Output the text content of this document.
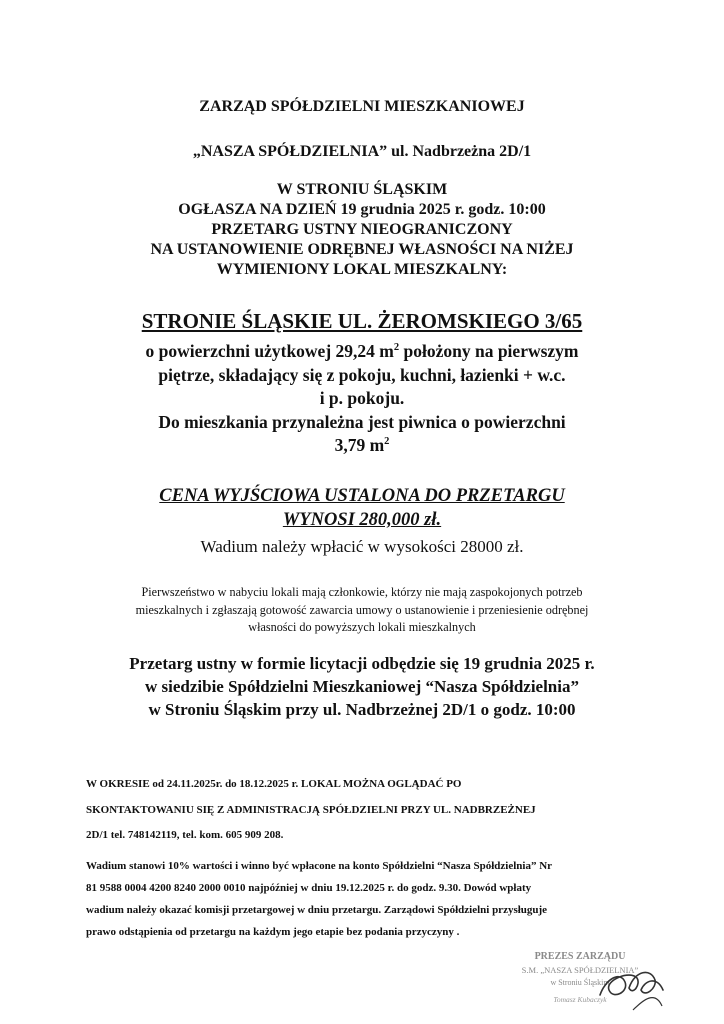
ZARZĄD SPÓŁDZIELNI MIESZKANIOWEJ
„NASZA SPÓŁDZIELNIA” ul. Nadbrzeżna 2D/1
W STRONIU ŚLĄSKIM
OGŁASZA NA DZIEŃ 19 grudnia 2025 r. godz. 10:00
PRZETARG USTNY NIEOGRANICZONY
NA USTANOWIENIE ODRĘBNEJ WŁASNOŚCI NA NIŻEJ
WYMIENIONY LOKAL MIESZKALNY:
STRONIE ŚLĄSKIE UL. ŻEROMSKIEGO 3/65
o powierzchni użytkowej 29,24 $m^2$ położony na pierwszym
piętrze, składający się z pokoju, kuchni, łazienki + w.c.
i p. pokoju.
Do mieszkania przynależna jest piwnica o powierzchni
3,79 $m^2$
CENA WYJŚCIOWA USTALONA DO PRZETARGU
WYNOSI 280,000 zł.
Wadium należy wpłacić w wysokości 28000 zł.
Pierwszeństwo w nabyciu lokali mają członkowie, którzy nie mają zaspokojonych potrzeb
mieszkalnych i zgłaszają gotowość zawarcia umowy o ustanowienie i przeniesienie odrębnej
własności do powyższych lokali mieszkalnych
Przetarg ustny w formie licytacji odbędzie się 19 grudnia 2025 r.
w siedzibie Spółdzielni Mieszkaniowej “Nasza Spółdzielnia”
w Stroniu Śląskim przy ul. Nadbrzeżnej 2D/1 o godz. 10:00
W OKRESIE od 24.11.2025r. do 18.12.2025 r. LOKAL MOŻNA OGLĄDAĆ PO
SKONTAKTOWANIU SIĘ Z ADMINISTRACJĄ SPÓŁDZIELNI PRZY UL. NADBRZEŻNEJ
2D/1 tel. 748142119, tel. kom. 605 909 208.
Wadium stanowi 10% wartości i winno być wpłacone na konto Spółdzielni “Nasza Spółdzielnia” Nr
81 9588 0004 4200 8240 2000 0010 najpóźniej w dniu 19.12.2025 r. do godz. 9.30. Dowód wpłaty
wadium należy okazać komisji przetargowej w dniu przetargu. Zarządowi Spółdzielni przysługuje
prawo odstąpienia od przetargu na każdym jego etapie bez podania przyczyny .
PREZES ZARZĄDU
S.M. „NASZA SPÓŁDZIELNIA”
w Stroniu Śląskim
Tomasz Kubaczyk
